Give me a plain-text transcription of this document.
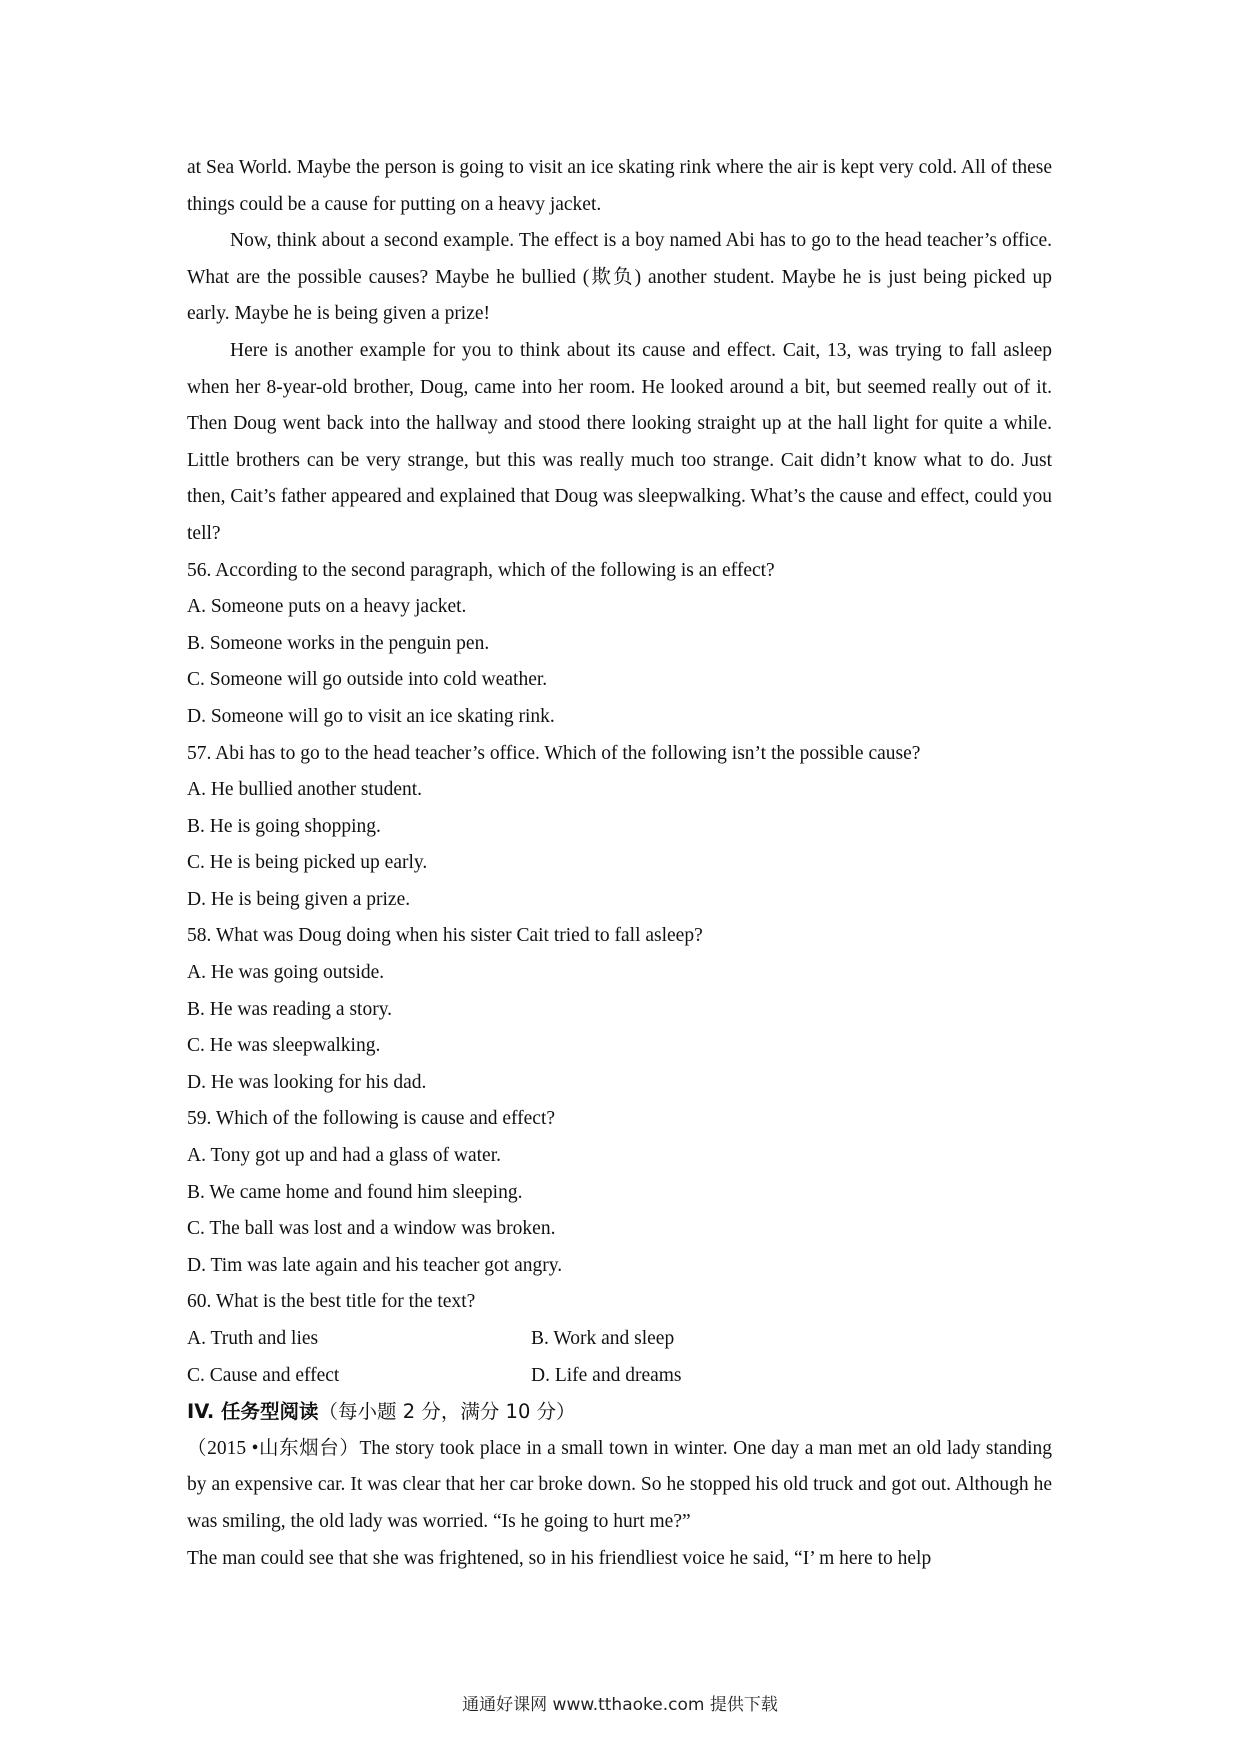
at Sea World. Maybe the person is going to visit an ice skating rink where the air is kept very cold. All of these things could be a cause for putting on a heavy jacket.

Now, think about a second example. The effect is a boy named Abi has to go to the head teacher’s office. What are the possible causes? Maybe he bullied (欺负) another student. Maybe he is just being picked up early. Maybe he is being given a prize!

Here is another example for you to think about its cause and effect. Cait, 13, was trying to fall asleep when her 8-year-old brother, Doug, came into her room. He looked around a bit, but seemed really out of it. Then Doug went back into the hallway and stood there looking straight up at the hall light for quite a while. Little brothers can be very strange, but this was really much too strange. Cait didn’t know what to do. Just then, Cait’s father appeared and explained that Doug was sleepwalking. What’s the cause and effect, could you tell?

56. According to the second paragraph, which of the following is an effect?

A. Someone puts on a heavy jacket.

B. Someone works in the penguin pen.

C. Someone will go outside into cold weather.

D. Someone will go to visit an ice skating rink.

57. Abi has to go to the head teacher’s office. Which of the following isn’t the possible cause?

A. He bullied another student.

B. He is going shopping.

C. He is being picked up early.

D. He is being given a prize.

58. What was Doug doing when his sister Cait tried to fall asleep?

A. He was going outside.

B. He was reading a story.

C. He was sleepwalking.

D. He was looking for his dad.

59. Which of the following is cause and effect?

A. Tony got up and had a glass of water.

B. We came home and found him sleeping.

C. The ball was lost and a window was broken.

D. Tim was late again and his teacher got angry.

60. What is the best title for the text?

A. Truth and lies	B. Work and sleep
C. Cause and effect	D. Life and dreams

IV. 任务型阅读（每小题 2 分，满分 10 分）

（2015 •山东烟台）The story took place in a small town in winter. One day a man met an old lady standing by an expensive car. It was clear that her car broke down. So he stopped his old truck and got out. Although he was smiling, the old lady was worried. “Is he going to hurt me?”

The man could see that she was frightened, so in his friendliest voice he said, “I’ m here to help

通通好课网 www.tthaoke.com 提供下载
